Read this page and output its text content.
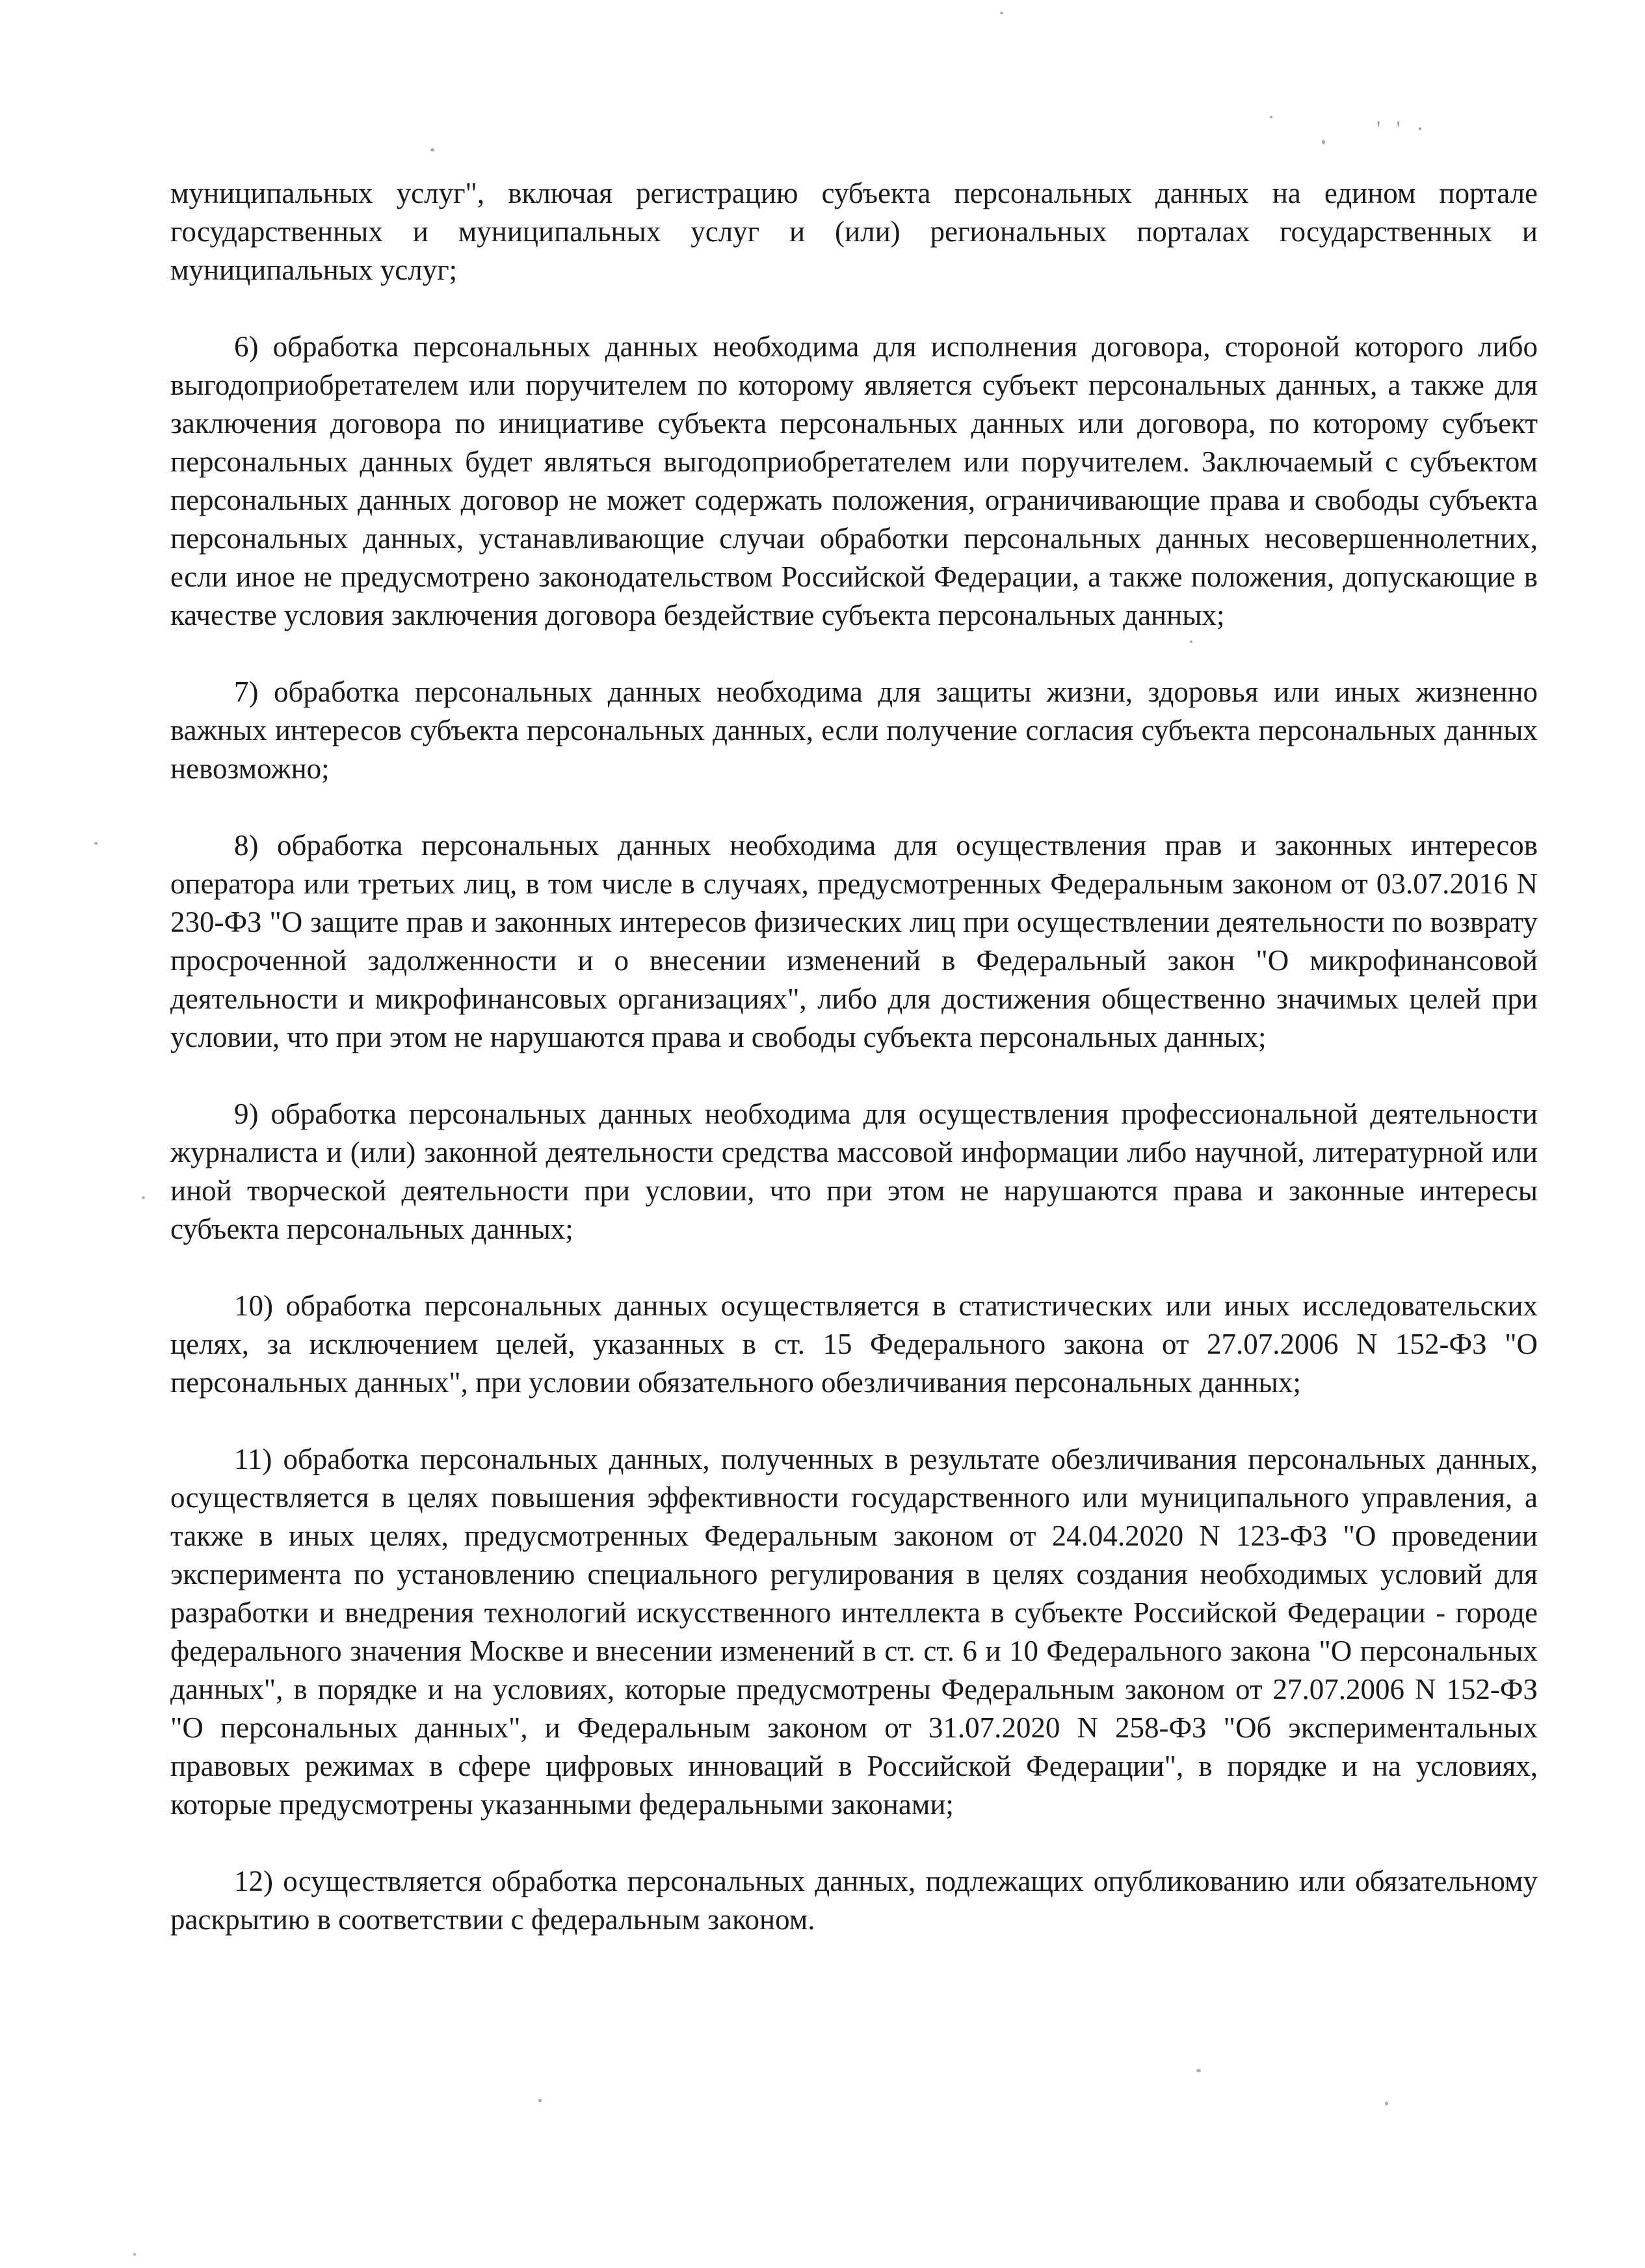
' ' ·

муниципальных услуг", включая регистрацию субъекта персональных данных на едином портале государственных и муниципальных услуг и (или) региональных порталах государственных и муниципальных услуг;

6) обработка персональных данных необходима для исполнения договора, стороной которого либо выгодоприобретателем или поручителем по которому является субъект персональных данных, а также для заключения договора по инициативе субъекта персональных данных или договора, по которому субъект персональных данных будет являться выгодоприобретателем или поручителем. Заключаемый с субъектом персональных данных договор не может содержать положения, ограничивающие права и свободы субъекта персональных данных, устанавливающие случаи обработки персональных данных несовершеннолетних, если иное не предусмотрено законодательством Российской Федерации, а также положения, допускающие в качестве условия заключения договора бездействие субъекта персональных данных;

7) обработка персональных данных необходима для защиты жизни, здоровья или иных жизненно важных интересов субъекта персональных данных, если получение согласия субъекта персональных данных невозможно;

8) обработка персональных данных необходима для осуществления прав и законных интересов оператора или третьих лиц, в том числе в случаях, предусмотренных Федеральным законом от 03.07.2016 N 230-ФЗ "О защите прав и законных интересов физических лиц при осуществлении деятельности по возврату просроченной задолженности и о внесении изменений в Федеральный закон "О микрофинансовой деятельности и микрофинансовых организациях", либо для достижения общественно значимых целей при условии, что при этом не нарушаются права и свободы субъекта персональных данных;

9) обработка персональных данных необходима для осуществления профессиональной деятельности журналиста и (или) законной деятельности средства массовой информации либо научной, литературной или иной творческой деятельности при условии, что при этом не нарушаются права и законные интересы субъекта персональных данных;

10) обработка персональных данных осуществляется в статистических или иных исследовательских целях, за исключением целей, указанных в ст. 15 Федерального закона от 27.07.2006 N 152-ФЗ "О персональных данных", при условии обязательного обезличивания персональных данных;

11) обработка персональных данных, полученных в результате обезличивания персональных данных, осуществляется в целях повышения эффективности государственного или муниципального управления, а также в иных целях, предусмотренных Федеральным законом от 24.04.2020 N 123-ФЗ "О проведении эксперимента по установлению специального регулирования в целях создания необходимых условий для разработки и внедрения технологий искусственного интеллекта в субъекте Российской Федерации - городе федерального значения Москве и внесении изменений в ст. ст. 6 и 10 Федерального закона "О персональных данных", в порядке и на условиях, которые предусмотрены Федеральным законом от 27.07.2006 N 152-ФЗ "О персональных данных", и Федеральным законом от 31.07.2020 N 258-ФЗ "Об экспериментальных правовых режимах в сфере цифровых инноваций в Российской Федерации", в порядке и на условиях, которые предусмотрены указанными федеральными законами;

12) осуществляется обработка персональных данных, подлежащих опубликованию или обязательному раскрытию в соответствии с федеральным законом.
